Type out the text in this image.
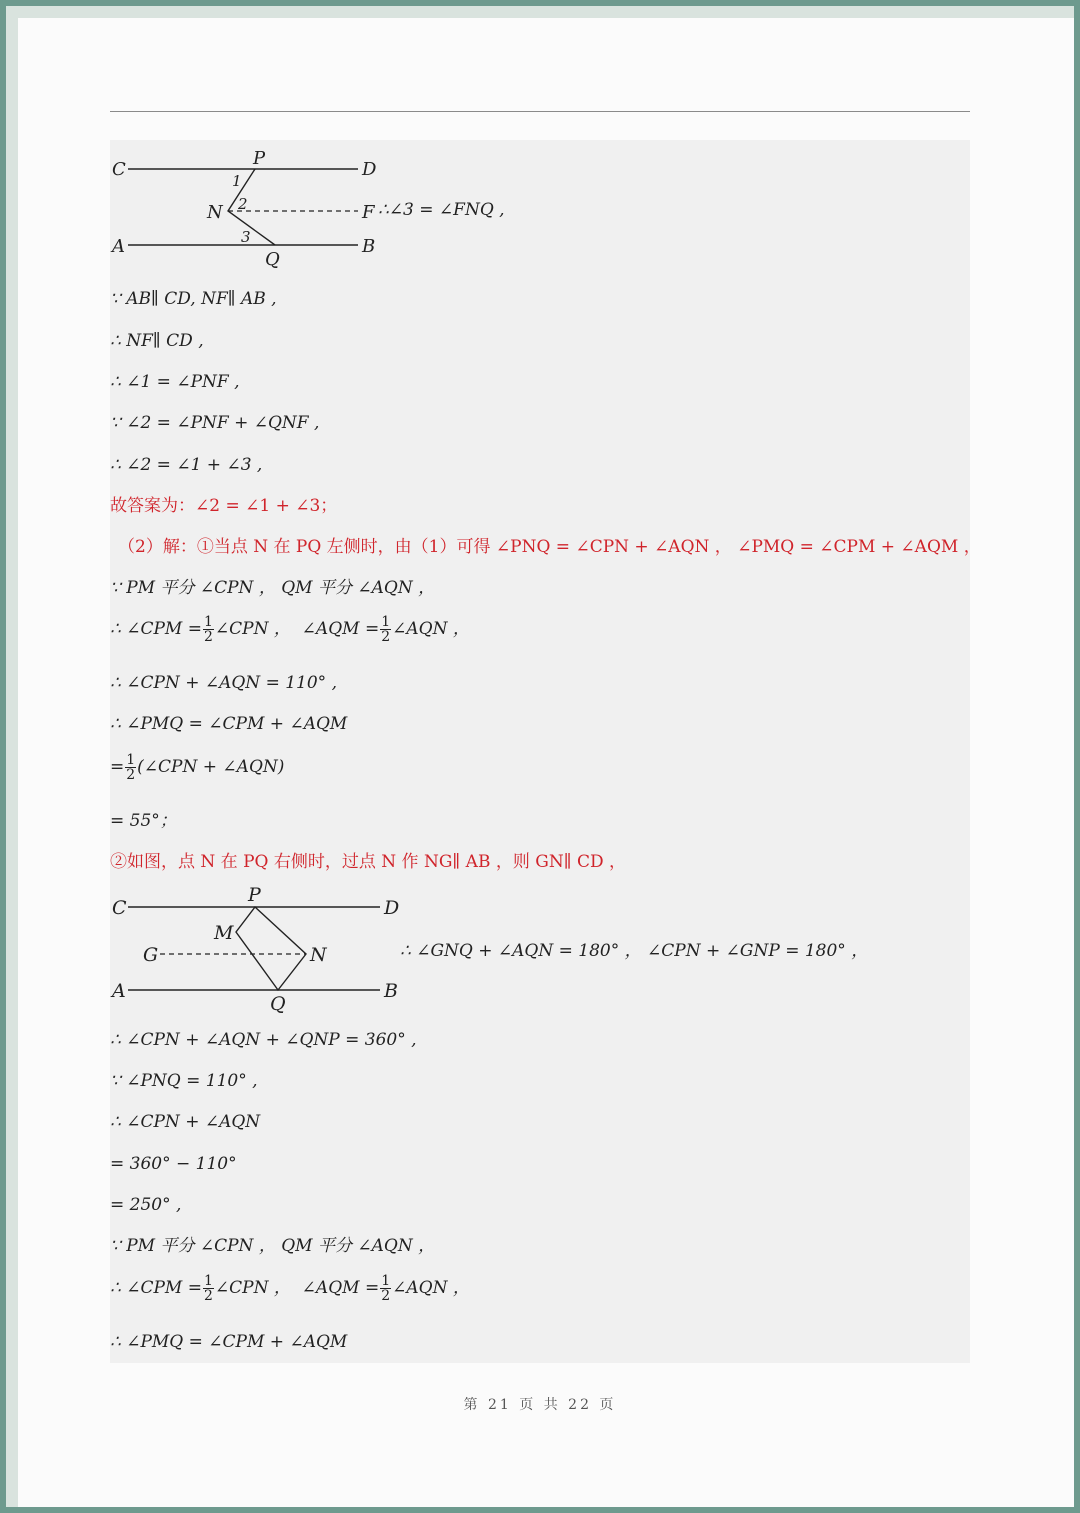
C	D
A	B
P
Q
N	F
1
2
3
∴∠3 = ∠FNQ ,
∵ AB∥ CD, NF∥ AB ,
∴ NF∥ CD ,
∴ ∠1 = ∠PNF ,
∵ ∠2 = ∠PNF + ∠QNF ,
∴ ∠2 = ∠1 + ∠3 ,
故答案为：∠2 = ∠1 + ∠3；
（2）解：①当点 N 在 PQ 左侧时，由（1）可得 ∠PNQ = ∠CPN + ∠AQN ， ∠PMQ = ∠CPM + ∠AQM ，
∵ PM 平分 ∠CPN ， QM 平分 ∠AQN ，
∴ ∠CPM = $\frac{1}{2}$ ∠CPN ， ∠AQM = $\frac{1}{2}$ ∠AQN ，
∴ ∠CPN + ∠AQN = 110° ,
∴ ∠PMQ = ∠CPM + ∠AQM
= $\frac{1}{2}$ (∠CPN + ∠AQN)
= 55°；
②如图，点 N 在 PQ 右侧时，过点 N 作 NG∥ AB ，则 GN∥ CD ，
C	D
A	B
P
Q
N
M
G	∴ ∠GNQ + ∠AQN = 180° ， ∠CPN + ∠GNP = 180° ，
∴ ∠CPN + ∠AQN + ∠QNP = 360° ,
∵ ∠PNQ = 110° ,
∴ ∠CPN + ∠AQN
= 360° − 110°
= 250° ,
∵ PM 平分 ∠CPN ， QM 平分 ∠AQN ，
∴ ∠CPM = $\frac{1}{2}$ ∠CPN ， ∠AQM = $\frac{1}{2}$ ∠AQN ，
∴ ∠PMQ = ∠CPM + ∠AQM
第 21 页 共 22 页
